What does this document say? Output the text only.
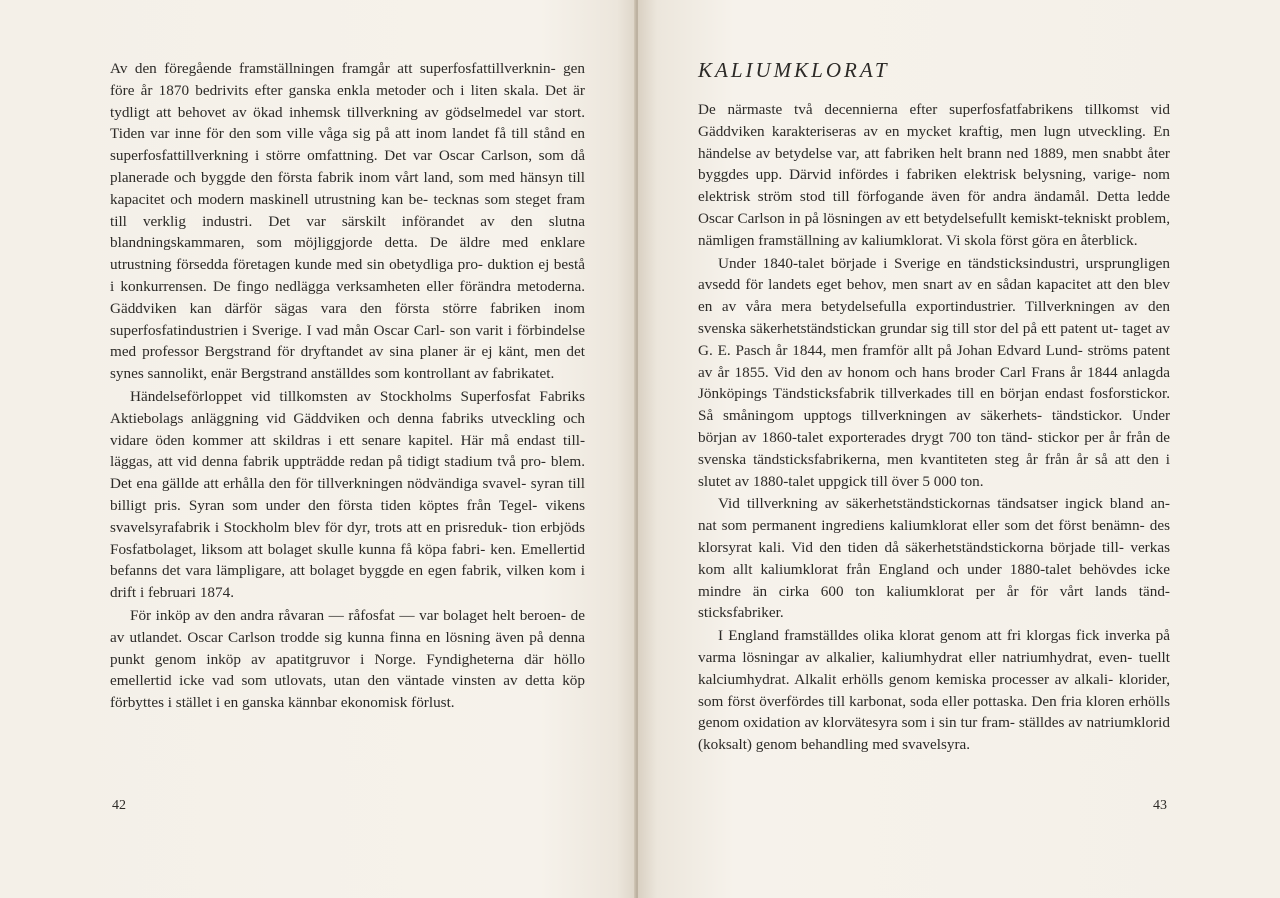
Av den föregående framställningen framgår att superfosfattillverknin- gen före år 1870 bedrivits efter ganska enkla metoder och i liten skala. Det är tydligt att behovet av ökad inhemsk tillverkning av gödselmedel var stort. Tiden var inne för den som ville våga sig på att inom landet få till stånd en superfosfattillverkning i större omfattning. Det var Oscar Carlson, som då planerade och byggde den första fabrik inom vårt land, som med hänsyn till kapacitet och modern maskinell utrustning kan be- tecknas som steget fram till verklig industri. Det var särskilt införandet av den slutna blandningskammaren, som möjliggjorde detta. De äldre med enklare utrustning försedda företagen kunde med sin obetydliga pro- duktion ej bestå i konkurrensen. De fingo nedlägga verksamheten eller förändra metoderna. Gäddviken kan därför sägas vara den första större fabriken inom superfosfatindustrien i Sverige. I vad mån Oscar Carl- son varit i förbindelse med professor Bergstrand för dryftandet av sina planer är ej känt, men det synes sannolikt, enär Bergstrand anställdes som kontrollant av fabrikatet.

Händelseförloppet vid tillkomsten av Stockholms Superfosfat Fabriks Aktiebolags anläggning vid Gäddviken och denna fabriks utveckling och vidare öden kommer att skildras i ett senare kapitel. Här må endast till- läggas, att vid denna fabrik uppträdde redan på tidigt stadium två pro- blem. Det ena gällde att erhålla den för tillverkningen nödvändiga svavel- syran till billigt pris. Syran som under den första tiden köptes från Tegel- vikens svavelsyrafabrik i Stockholm blev för dyr, trots att en prisreduk- tion erbjöds Fosfatbolaget, liksom att bolaget skulle kunna få köpa fabri- ken. Emellertid befanns det vara lämpligare, att bolaget byggde en egen fabrik, vilken kom i drift i februari 1874.

För inköp av den andra råvaran — råfosfat — var bolaget helt beroen- de av utlandet. Oscar Carlson trodde sig kunna finna en lösning även på denna punkt genom inköp av apatitgruvor i Norge. Fyndigheterna där höllo emellertid icke vad som utlovats, utan den väntade vinsten av detta köp förbyttes i stället i en ganska kännbar ekonomisk förlust.

42
KALIUMKLORAT

De närmaste två decennierna efter superfosfatfabrikens tillkomst vid Gäddviken karakteriseras av en mycket kraftig, men lugn utveckling. En händelse av betydelse var, att fabriken helt brann ned 1889, men snabbt åter byggdes upp. Därvid infördes i fabriken elektrisk belysning, varige- nom elektrisk ström stod till förfogande även för andra ändamål. Detta ledde Oscar Carlson in på lösningen av ett betydelsefullt kemiskt-tekniskt problem, nämligen framställning av kaliumklorat. Vi skola först göra en återblick.

Under 1840-talet började i Sverige en tändsticksindustri, ursprungligen avsedd för landets eget behov, men snart av en sådan kapacitet att den blev en av våra mera betydelsefulla exportindustrier. Tillverkningen av den svenska säkerhetständstickan grundar sig till stor del på ett patent ut- taget av G. E. Pasch år 1844, men framför allt på Johan Edvard Lund- ströms patent av år 1855. Vid den av honom och hans broder Carl Frans år 1844 anlagda Jönköpings Tändsticksfabrik tillverkades till en början endast fosforstickor. Så småningom upptogs tillverkningen av säkerhets- tändstickor. Under början av 1860-talet exporterades drygt 700 ton tänd- stickor per år från de svenska tändsticksfabrikerna, men kvantiteten steg år från år så att den i slutet av 1880-talet uppgick till över 5 000 ton.

Vid tillverkning av säkerhetständstickornas tändsatser ingick bland an- nat som permanent ingrediens kaliumklorat eller som det först benämn- des klorsyrat kali. Vid den tiden då säkerhetständstickorna började till- verkas kom allt kaliumklorat från England och under 1880-talet behövdes icke mindre än cirka 600 ton kaliumklorat per år för vårt lands tänd- sticksfabriker.

I England framställdes olika klorat genom att fri klorgas fick inverka på varma lösningar av alkalier, kaliumhydrat eller natriumhydrat, even- tuellt kalciumhydrat. Alkalit erhölls genom kemiska processer av alkali- klorider, som först överfördes till karbonat, soda eller pottaska. Den fria kloren erhölls genom oxidation av klorvätesyra som i sin tur fram- ställdes av natriumklorid (koksalt) genom behandling med svavelsyra.

43
